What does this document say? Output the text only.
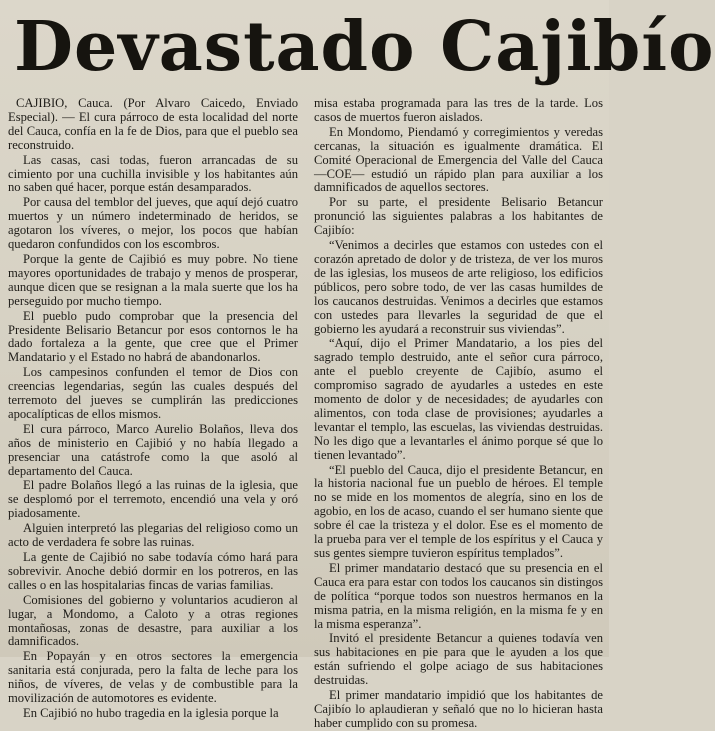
Devastado Cajibío

CAJIBIO, Cauca. (Por Alvaro Caicedo, Enviado Especial). — El cura párroco de esta localidad del norte del Cauca, confía en la fe de Dios, para que el pueblo sea reconstruido.

Las casas, casi todas, fueron arrancadas de su cimiento por una cuchilla invisible y los habitantes aún no saben qué hacer, porque están desamparados.

Por causa del temblor del jueves, que aquí dejó cuatro muertos y un número indeterminado de heridos, se agotaron los víveres, o mejor, los pocos que habían quedaron confundidos con los escombros.

Porque la gente de Cajibió es muy pobre. No tiene mayores oportunidades de trabajo y menos de prosperar, aunque dicen que se resignan a la mala suerte que los ha perseguido por mucho tiempo.

El pueblo pudo comprobar que la presencia del Presidente Belisario Betancur por esos contornos le ha dado fortaleza a la gente, que cree que el Primer Mandatario y el Estado no habrá de abandonarlos.

Los campesinos confunden el temor de Dios con creencias legendarias, según las cuales después del terremoto del jueves se cumplirán las predicciones apocalípticas de ellos mismos.

El cura párroco, Marco Aurelio Bolaños, lleva dos años de ministerio en Cajibió y no había llegado a presenciar una catástrofe como la que asoló al departamento del Cauca.

El padre Bolaños llegó a las ruinas de la iglesia, que se desplomó por el terremoto, encendió una vela y oró piadosamente.

Alguien interpretó las plegarias del religioso como un acto de verdadera fe sobre las ruinas.

La gente de Cajibió no sabe todavía cómo hará para sobrevivir. Anoche debió dormir en los potreros, en las calles o en las hospitalarias fincas de varias familias.

Comisiones del gobierno y voluntarios acudieron al lugar, a Mondomo, a Caloto y a otras regiones montañosas, zonas de desastre, para auxiliar a los damnificados.

En Popayán y en otros sectores la emergencia sanitaria está conjurada, pero la falta de leche para los niños, de víveres, de velas y de combustible para la movilización de automotores es evidente.

En Cajibió no hubo tragedia en la iglesia porque la

misa estaba programada para las tres de la tarde. Los casos de muertos fueron aislados.

En Mondomo, Piendamó y corregimientos y veredas cercanas, la situación es igualmente dramática. El Comité Operacional de Emergencia del Valle del Cauca —COE— estudió un rápido plan para auxiliar a los damnificados de aquellos sectores.

Por su parte, el presidente Belisario Betancur pronunció las siguientes palabras a los habitantes de Cajibío:

“Venimos a decirles que estamos con ustedes con el corazón apretado de dolor y de tristeza, de ver los muros de las iglesias, los museos de arte religioso, los edificios públicos, pero sobre todo, de ver las casas humildes de los caucanos destruidas. Venimos a decirles que estamos con ustedes para llevarles la seguridad de que el gobierno les ayudará a reconstruir sus viviendas”.

“Aquí, dijo el Primer Mandatario, a los pies del sagrado templo destruido, ante el señor cura párroco, ante el pueblo creyente de Cajibío, asumo el compromiso sagrado de ayudarles a ustedes en este momento de dolor y de necesidades; de ayudarles con alimentos, con toda clase de provisiones; ayudarles a levantar el templo, las escuelas, las viviendas destruidas. No les digo que a levantarles el ánimo porque sé que lo tienen levantado”.

“El pueblo del Cauca, dijo el presidente Betancur, en la historia nacional fue un pueblo de héroes. El temple no se mide en los momentos de alegría, sino en los de agobio, en los de acaso, cuando el ser humano siente que sobre él cae la tristeza y el dolor. Ese es el momento de la prueba para ver el temple de los espíritus y el Cauca y sus gentes siempre tuvieron espíritus templados”.

El primer mandatario destacó que su presencia en el Cauca era para estar con todos los caucanos sin distingos de política “porque todos son nuestros hermanos en la misma patria, en la misma religión, en la misma fe y en la misma esperanza”.

Invitó el presidente Betancur a quienes todavía ven sus habitaciones en pie para que le ayuden a los que están sufriendo el golpe aciago de sus habitaciones destruidas.

El primer mandatario impidió que los habitantes de Cajibío lo aplaudieran y señaló que no lo hicieran hasta haber cumplido con su promesa.
